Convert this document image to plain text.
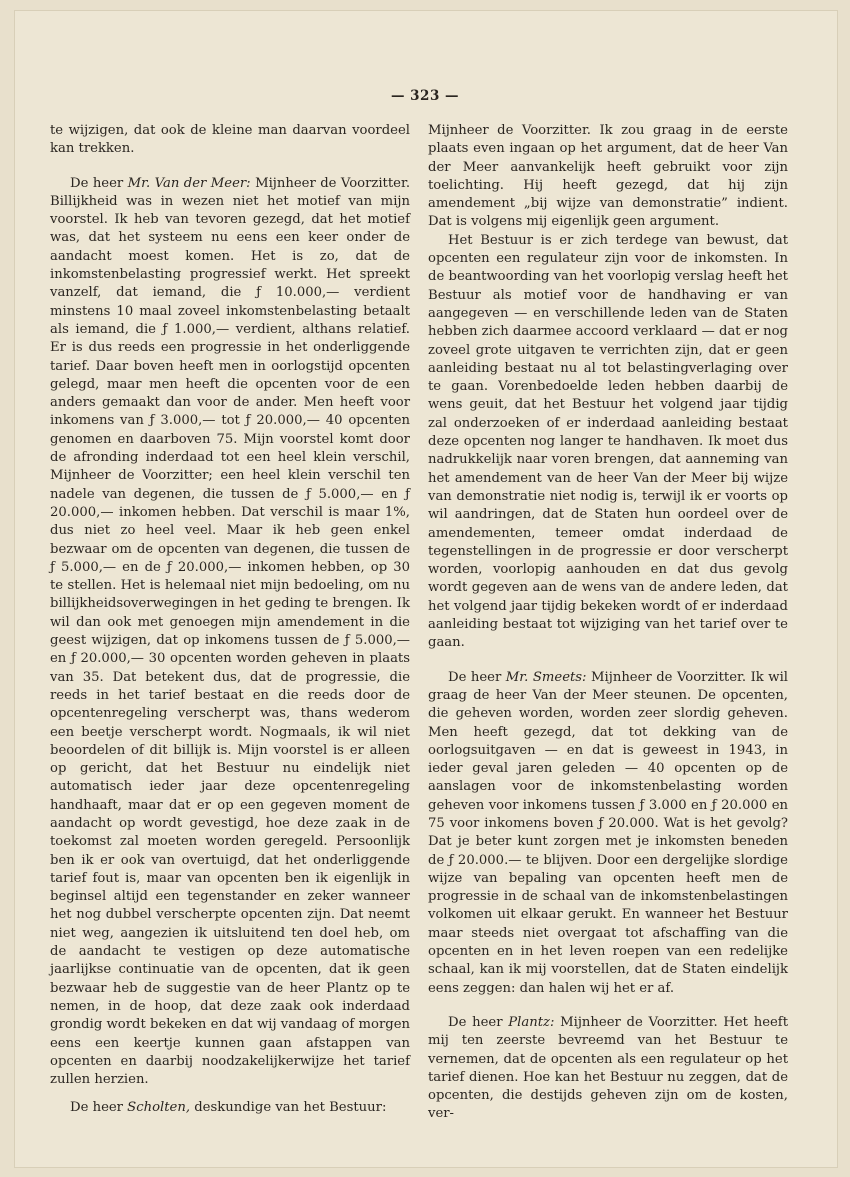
— 323 —

te wijzigen, dat ook de kleine man daarvan voordeel kan trekken.

De heer Mr. Van der Meer: Mijnheer de Voorzitter. Billijkheid was in wezen niet het motief van mijn voorstel. Ik heb van tevoren gezegd, dat het motief was, dat het systeem nu eens een keer onder de aandacht moest komen. Het is zo, dat de inkomstenbelasting progressief werkt. Het spreekt vanzelf, dat iemand, die ƒ 10.000,— verdient minstens 10 maal zoveel inkomstenbelasting betaalt als iemand, die ƒ 1.000,— verdient, althans relatief. Er is dus reeds een progressie in het onderliggende tarief. Daar boven heeft men in oorlogstijd opcenten gelegd, maar men heeft die opcenten voor de een anders gemaakt dan voor de ander. Men heeft voor inkomens van ƒ 3.000,— tot ƒ 20.000,— 40 opcenten genomen en daarboven 75. Mijn voorstel komt door de afronding inderdaad tot een heel klein verschil, Mijnheer de Voorzitter; een heel klein verschil ten nadele van degenen, die tussen de ƒ 5.000,— en ƒ 20.000,— inkomen hebben. Dat verschil is maar 1%, dus niet zo heel veel. Maar ik heb geen enkel bezwaar om de opcenten van degenen, die tussen de ƒ 5.000,— en de ƒ 20.000,— inkomen hebben, op 30 te stellen. Het is helemaal niet mijn bedoeling, om nu billijkheidsoverwegingen in het geding te brengen. Ik wil dan ook met genoegen mijn amendement in die geest wijzigen, dat op inkomens tussen de ƒ 5.000,— en ƒ 20.000,— 30 opcenten worden geheven in plaats van 35. Dat betekent dus, dat de progressie, die reeds in het tarief bestaat en die reeds door de opcentenregeling verscherpt was, thans wederom een beetje verscherpt wordt. Nogmaals, ik wil niet beoordelen of dit billijk is. Mijn voorstel is er alleen op gericht, dat het Bestuur nu eindelijk niet automatisch ieder jaar deze opcentenregeling handhaaft, maar dat er op een gegeven moment de aandacht op wordt gevestigd, hoe deze zaak in de toekomst zal moeten worden geregeld. Persoonlijk ben ik er ook van overtuigd, dat het onderliggende tarief fout is, maar van opcenten ben ik eigenlijk in beginsel altijd een tegenstander en zeker wanneer het nog dubbel verscherpte opcenten zijn. Dat neemt niet weg, aangezien ik uitsluitend ten doel heb, om de aandacht te vestigen op deze automatische jaarlijkse continuatie van de opcenten, dat ik geen bezwaar heb de suggestie van de heer Plantz op te nemen, in de hoop, dat deze zaak ook inderdaad grondig wordt bekeken en dat wij vandaag of morgen eens een keertje kunnen gaan afstappen van opcenten en daarbij noodzakelijkerwijze het tarief zullen herzien.

De heer Scholten, deskundige van het Bestuur:

Mijnheer de Voorzitter. Ik zou graag in de eerste plaats even ingaan op het argument, dat de heer Van der Meer aanvankelijk heeft gebruikt voor zijn toelichting. Hij heeft gezegd, dat hij zijn amendement „bij wijze van demonstratie” indient. Dat is volgens mij eigenlijk geen argument.

Het Bestuur is er zich terdege van bewust, dat opcenten een regulateur zijn voor de inkomsten. In de beantwoording van het voorlopig verslag heeft het Bestuur als motief voor de handhaving er van aangegeven — en verschillende leden van de Staten hebben zich daarmee accoord verklaard — dat er nog zoveel grote uitgaven te verrichten zijn, dat er geen aanleiding bestaat nu al tot belastingverlaging over te gaan. Vorenbedoelde leden hebben daarbij de wens geuit, dat het Bestuur het volgend jaar tijdig zal onderzoeken of er inderdaad aanleiding bestaat deze opcenten nog langer te handhaven. Ik moet dus nadrukkelijk naar voren brengen, dat aanneming van het amendement van de heer Van der Meer bij wijze van demonstratie niet nodig is, terwijl ik er voorts op wil aandringen, dat de Staten hun oordeel over de amendementen, temeer omdat inderdaad de tegenstellingen in de progressie er door verscherpt worden, voorlopig aanhouden en dat dus gevolg wordt gegeven aan de wens van de andere leden, dat het volgend jaar tijdig bekeken wordt of er inderdaad aanleiding bestaat tot wijziging van het tarief over te gaan.

De heer Mr. Smeets: Mijnheer de Voorzitter. Ik wil graag de heer Van der Meer steunen. De opcenten, die geheven worden, worden zeer slordig geheven. Men heeft gezegd, dat tot dekking van de oorlogsuitgaven — en dat is geweest in 1943, in ieder geval jaren geleden — 40 opcenten op de aanslagen voor de inkomstenbelasting worden geheven voor inkomens tussen ƒ 3.000 en ƒ 20.000 en 75 voor inkomens boven ƒ 20.000. Wat is het gevolg? Dat je beter kunt zorgen met je inkomsten beneden de ƒ 20.000.— te blijven. Door een dergelijke slordige wijze van bepaling van opcenten heeft men de progressie in de schaal van de inkomstenbelastingen volkomen uit elkaar gerukt. En wanneer het Bestuur maar steeds niet overgaat tot afschaffing van die opcenten en in het leven roepen van een redelijke schaal, kan ik mij voorstellen, dat de Staten eindelijk eens zeggen: dan halen wij het er af.

De heer Plantz: Mijnheer de Voorzitter. Het heeft mij ten zeerste bevreemd van het Bestuur te vernemen, dat de opcenten als een regulateur op het tarief dienen. Hoe kan het Bestuur nu zeggen, dat de opcenten, die destijds geheven zijn om de kosten, ver-
